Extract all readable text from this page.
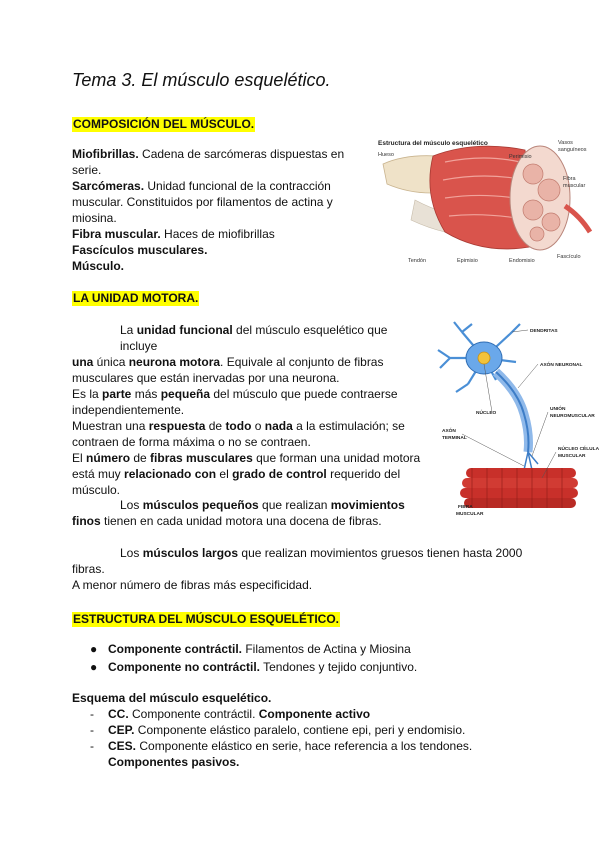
Tema 3. El músculo esquelético.
COMPOSICIÓN DEL MÚSCULO.
Miofibrillas. Cadena de sarcómeras dispuestas en
serie.
Sarcómeras. Unidad funcional de la contracción
muscular. Constituidos por filamentos de actina y
miosina.
Fibra muscular. Haces de miofibrillas
Fascículos musculares.
Músculo.
Estructura del músculo esquelético
Hueso	Perimisio
Vasos
sanguíneos
Fibra
muscular
Tendón	Epimisio	Endomisio
Fascículo
LA UNIDAD MOTORA.
La unidad funcional del músculo esquelético que incluye
una única neurona motora. Equivale al conjunto de fibras
musculares que están inervadas por una neurona.
Es la parte más pequeña del músculo que puede contraerse
independientemente.
Muestran una respuesta de todo o nada a la estimulación; se
contraen de forma máxima o no se contraen.
El número de fibras musculares que forman una unidad motora
está muy relacionado con el grado de control requerido del
músculo.
Los músculos pequeños que realizan movimientos
finos tienen en cada unidad motora una docena de fibras.
Los músculos largos que realizan movimientos gruesos tienen hasta 2000
fibras.
A menor número de fibras más especificidad.
DENDRITAS
AXÓN NEURONAL
NÚCLEO
UNIÓN
NEUROMUSCULAR
AXÓN
TERMINAL
NÚCLEO CÉLULA
MUSCULAR
FIBRA
MUSCULAR
ESTRUCTURA DEL MÚSCULO ESQUELÉTICO.
● Componente contráctil. Filamentos de Actina y Miosina
● Componente no contráctil. Tendones y tejido conjuntivo.
Esquema del músculo esquelético.
- CC. Componente contráctil. Componente activo
- CEP. Componente elástico paralelo, contiene epi, peri y endomisio.
- CES. Componente elástico en serie, hace referencia a los tendones.
Componentes pasivos.
